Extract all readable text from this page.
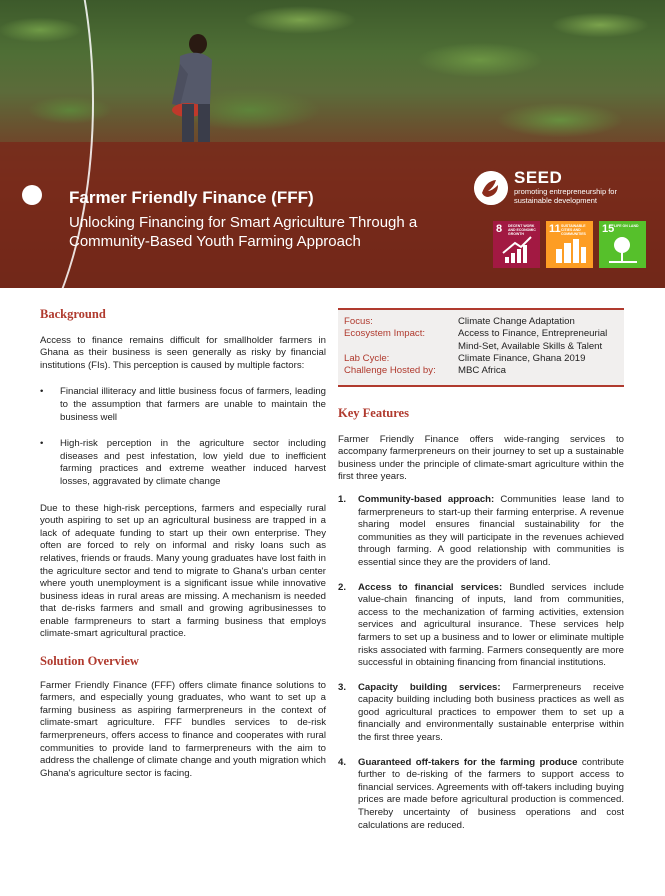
Farmer Friendly Finance (FFF)
Unlocking Financing for Smart Agriculture Through a Community-Based Youth Farming Approach
SEED
promoting entrepreneurship for sustainable development
8 DECENT WORK AND ECONOMIC GROWTH	11 SUSTAINABLE CITIES AND COMMUNITIES	15 LIFE ON LAND
Background

Access to finance remains difficult for smallholder farmers in Ghana as their business is seen generally as risky by financial institutions (FIs). This perception is caused by multiple factors:

• Financial illiteracy and little business focus of farmers, leading to the assumption that farmers are unable to maintain the business well
• High-risk perception in the agriculture sector including diseases and pest infestation, low yield due to inefficient farming practices and extreme weather induced harvest losses, aggravated by climate change

Due to these high-risk perceptions, farmers and especially rural youth aspiring to set up an agricultural business are trapped in a lack of adequate funding to start up their own enterprise. They often are forced to rely on informal and risky loans such as relatives, friends or frauds. Many young graduates have lost faith in the agriculture sector and tend to migrate to Ghana's urban center where youth unemployment is a significant issue while innovative business ideas in rural areas are missing. A mechanism is needed that de-risks farmers and small and growing agribusinesses to enable farmpreneurs to start a farming business that employs climate-smart agricultural practice.

Solution Overview

Farmer Friendly Finance (FFF) offers climate finance solutions to farmers, and especially young graduates, who want to set up a farming business as aspiring farmerpreneurs in the context of climate-smart agriculture. FFF bundles services to de-risk farmerpreneurs, offers access to finance and cooperates with rural communities to provide land to farmerpreneurs with the aim to address the challenge of climate change and youth migration which Ghana's agriculture sector is facing.

Focus:	Climate Change Adaptation
Ecosystem Impact:	Access to Finance, Entrepreneurial Mind-Set, Available Skills & Talent
Lab Cycle:	Climate Finance, Ghana 2019
Challenge Hosted by: MBC Africa
Key Features

Farmer Friendly Finance offers wide-ranging services to accompany farmerpreneurs on their journey to set up a sustainable business under the principle of climate-smart agriculture within the first three years.

1. Community-based approach: Communities lease land to farmerpreneurs to start-up their farming enterprise. A revenue sharing model ensures financial sustainability for the communities as they will participate in the revenues achieved through farming. A good relationship with communities is essential since they are the providers of land.
2. Access to financial services: Bundled services include value-chain financing of inputs, land from communities, access to the mechanization of farming activities, extension services and agricultural insurance. These services help farmers to set up a business and to lower or eliminate multiple risks associated with farming. Farmers consequently are more successful in obtaining financing from financial institutions.
3. Capacity building services: Farmerpreneurs receive capacity building including both business practices as well as good agricultural practices to empower them to set up a financially and environmentally sustainable enterprise within the first three years.
4. Guaranteed off-takers for the farming produce contribute further to de-risking of the farmers to support access to financial services. Agreements with off-takers including buying prices are made before agricultural production is commenced. Thereby uncertainty of business operations and cost calculations are reduced.
